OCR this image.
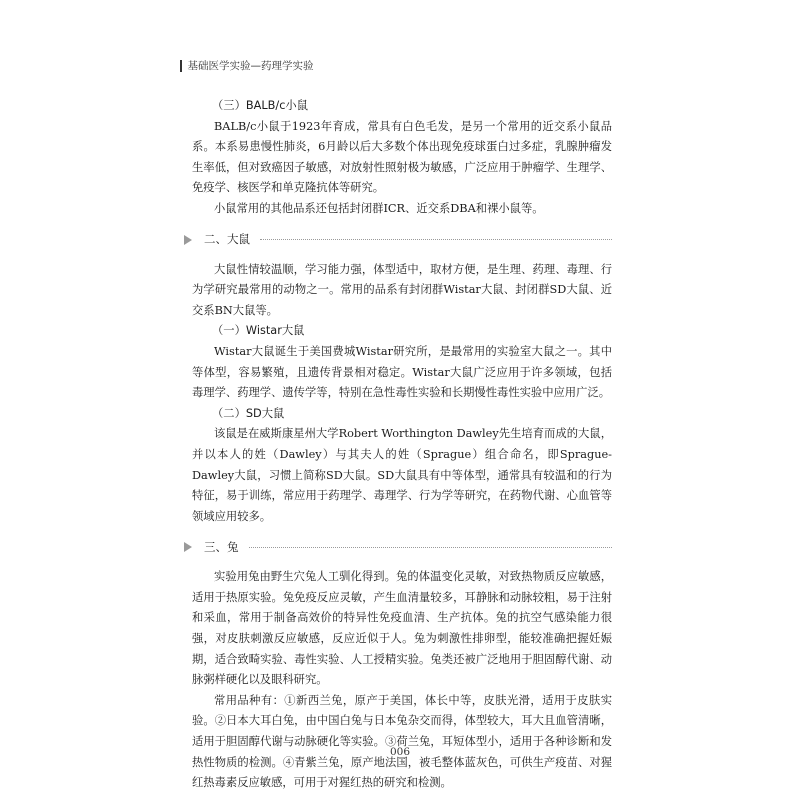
基础医学实验—药理学实验

（三）BALB/c小鼠

BALB/c小鼠于1923年育成，常具有白色毛发，是另一个常用的近交系小鼠品系。本系易患慢性肺炎，6月龄以后大多数个体出现免疫球蛋白过多症，乳腺肿瘤发生率低，但对致癌因子敏感，对放射性照射极为敏感，广泛应用于肿瘤学、生理学、免疫学、核医学和单克隆抗体等研究。

小鼠常用的其他品系还包括封闭群ICR、近交系DBA和裸小鼠等。

二、大鼠

大鼠性情较温顺，学习能力强，体型适中，取材方便，是生理、药理、毒理、行为学研究最常用的动物之一。常用的品系有封闭群Wistar大鼠、封闭群SD大鼠、近交系BN大鼠等。

（一）Wistar大鼠

Wistar大鼠诞生于美国费城Wistar研究所，是最常用的实验室大鼠之一。其中等体型，容易繁殖，且遗传背景相对稳定。Wistar大鼠广泛应用于许多领域，包括毒理学、药理学、遗传学等，特别在急性毒性实验和长期慢性毒性实验中应用广泛。

（二）SD大鼠

该鼠是在威斯康星州大学Robert Worthington Dawley先生培育而成的大鼠，并以本人的姓（Dawley）与其夫人的姓（Sprague）组合命名，即Sprague-Dawley大鼠，习惯上简称SD大鼠。SD大鼠具有中等体型，通常具有较温和的行为特征，易于训练，常应用于药理学、毒理学、行为学等研究，在药物代谢、心血管等领域应用较多。

三、兔

实验用兔由野生穴兔人工驯化得到。兔的体温变化灵敏，对致热物质反应敏感，适用于热原实验。兔免疫反应灵敏，产生血清量较多，耳静脉和动脉较粗，易于注射和采血，常用于制备高效价的特异性免疫血清、生产抗体。兔的抗空气感染能力很强，对皮肤刺激反应敏感，反应近似于人。兔为刺激性排卵型，能较准确把握妊娠期，适合致畸实验、毒性实验、人工授精实验。兔类还被广泛地用于胆固醇代谢、动脉粥样硬化以及眼科研究。

常用品种有：①新西兰兔，原产于美国，体长中等，皮肤光滑，适用于皮肤实验。②日本大耳白兔，由中国白兔与日本兔杂交而得，体型较大，耳大且血管清晰，适用于胆固醇代谢与动脉硬化等实验。③荷兰兔，耳短体型小，适用于各种诊断和发热性物质的检测。④青紫兰兔，原产地法国，被毛整体蓝灰色，可供生产疫苗、对猩红热毒素反应敏感，可用于对猩红热的研究和检测。

006
